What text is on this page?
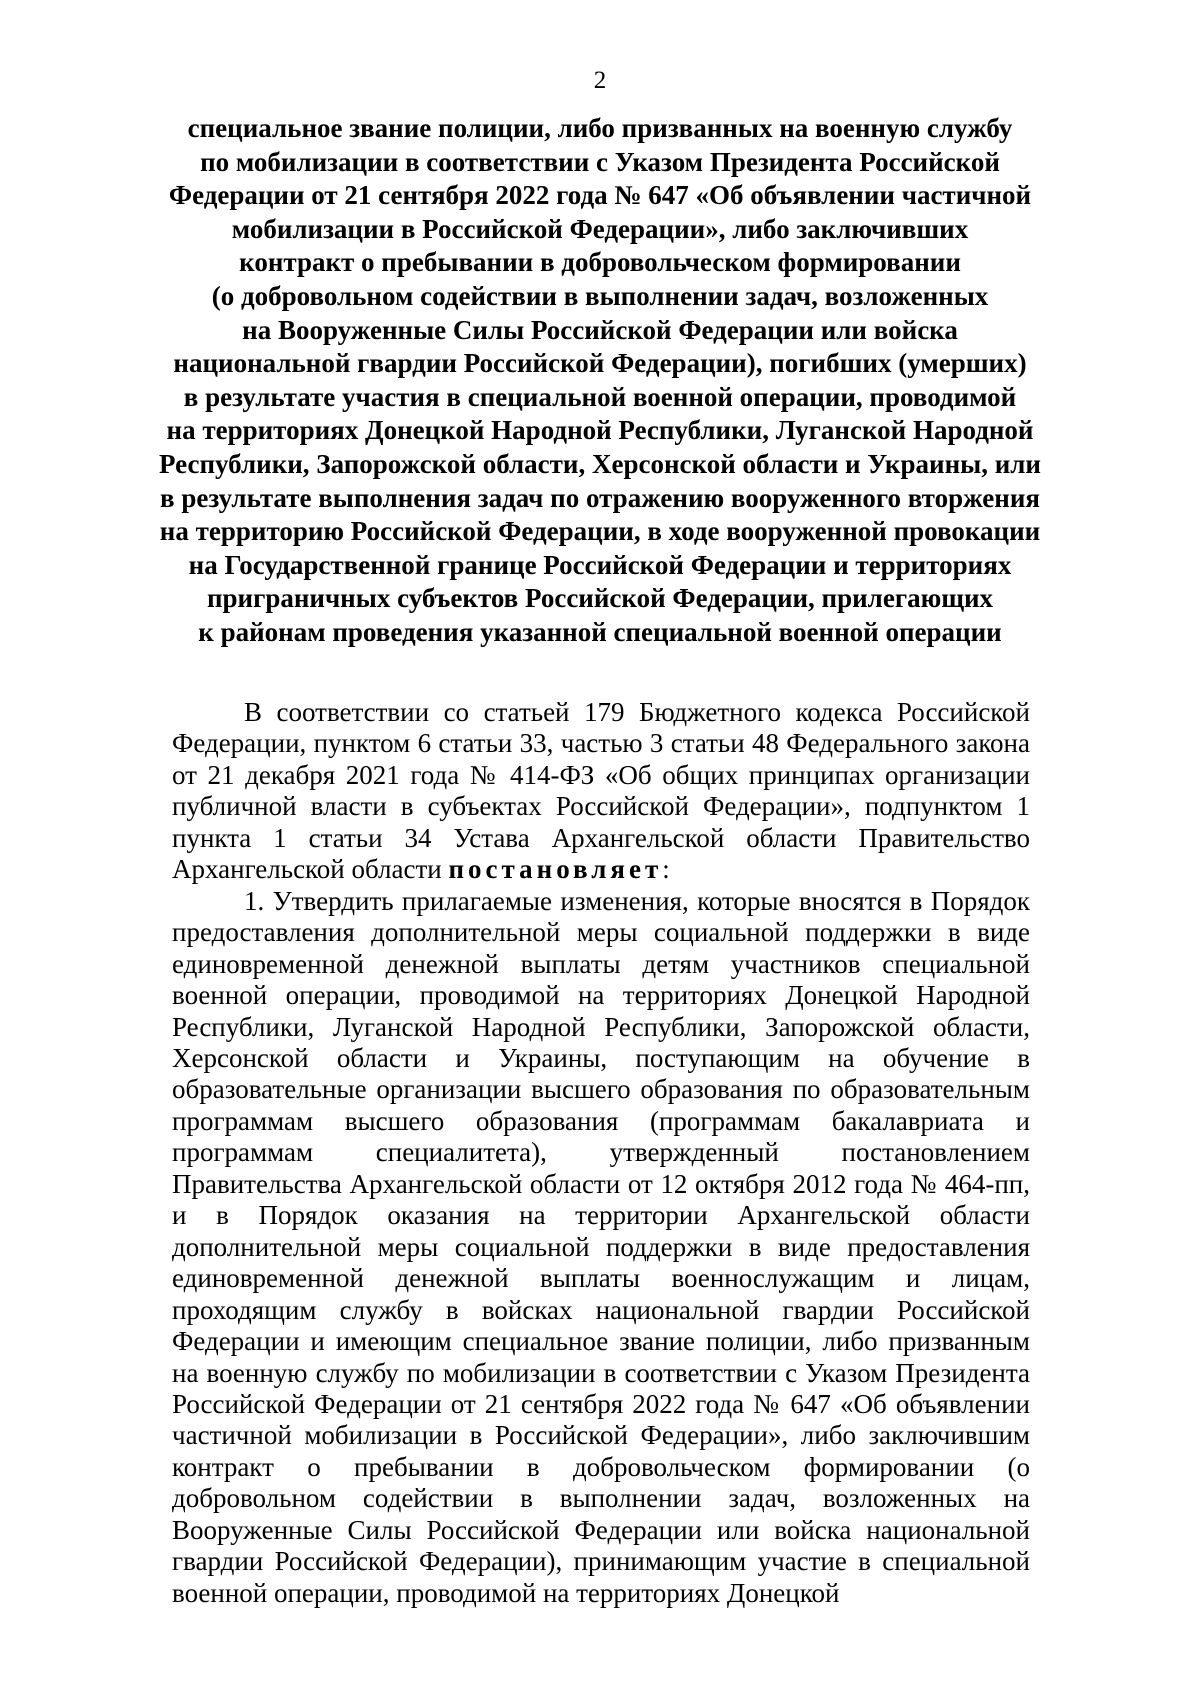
2
специальное звание полиции, либо призванных на военную службу
по мобилизации в соответствии с Указом Президента Российской
Федерации от 21 сентября 2022 года № 647 «Об объявлении частичной
мобилизации в Российской Федерации», либо заключивших
контракт о пребывании в добровольческом формировании
(о добровольном содействии в выполнении задач, возложенных
на Вооруженные Силы Российской Федерации или войска
национальной гвардии Российской Федерации), погибших (умерших)
в результате участия в специальной военной операции, проводимой
на территориях Донецкой Народной Республики, Луганской Народной
Республики, Запорожской области, Херсонской области и Украины, или
в результате выполнения задач по отражению вооруженного вторжения
на территорию Российской Федерации, в ходе вооруженной провокации
на Государственной границе Российской Федерации и территориях
приграничных субъектов Российской Федерации, прилегающих
к районам проведения указанной специальной военной операции

В соответствии со статьей 179 Бюджетного кодекса Российской Федерации, пунктом 6 статьи 33, частью 3 статьи 48 Федерального закона от 21 декабря 2021 года № 414-ФЗ «Об общих принципах организации публичной власти в субъектах Российской Федерации», подпунктом 1 пункта 1 статьи 34 Устава Архангельской области Правительство Архангельской области постановляет:

1. Утвердить прилагаемые изменения, которые вносятся в Порядок предоставления дополнительной меры социальной поддержки в виде единовременной денежной выплаты детям участников специальной военной операции, проводимой на территориях Донецкой Народной Республики, Луганской Народной Республики, Запорожской области, Херсонской области и Украины, поступающим на обучение в образовательные организации высшего образования по образовательным программам высшего образования (программам бакалавриата и программам специалитета), утвержденный постановлением Правительства Архангельской области от 12 октября 2012 года № 464-пп, и в Порядок оказания на территории Архангельской области дополнительной меры социальной поддержки в виде предоставления единовременной денежной выплаты военнослужащим и лицам, проходящим службу в войсках национальной гвардии Российской Федерации и имеющим специальное звание полиции, либо призванным на военную службу по мобилизации в соответствии с Указом Президента Российской Федерации от 21 сентября 2022 года № 647 «Об объявлении частичной мобилизации в Российской Федерации», либо заключившим контракт о пребывании в добровольческом формировании (о добровольном содействии в выполнении задач, возложенных на Вооруженные Силы Российской Федерации или войска национальной гвардии Российской Федерации), принимающим участие в специальной военной операции, проводимой на территориях Донецкой
